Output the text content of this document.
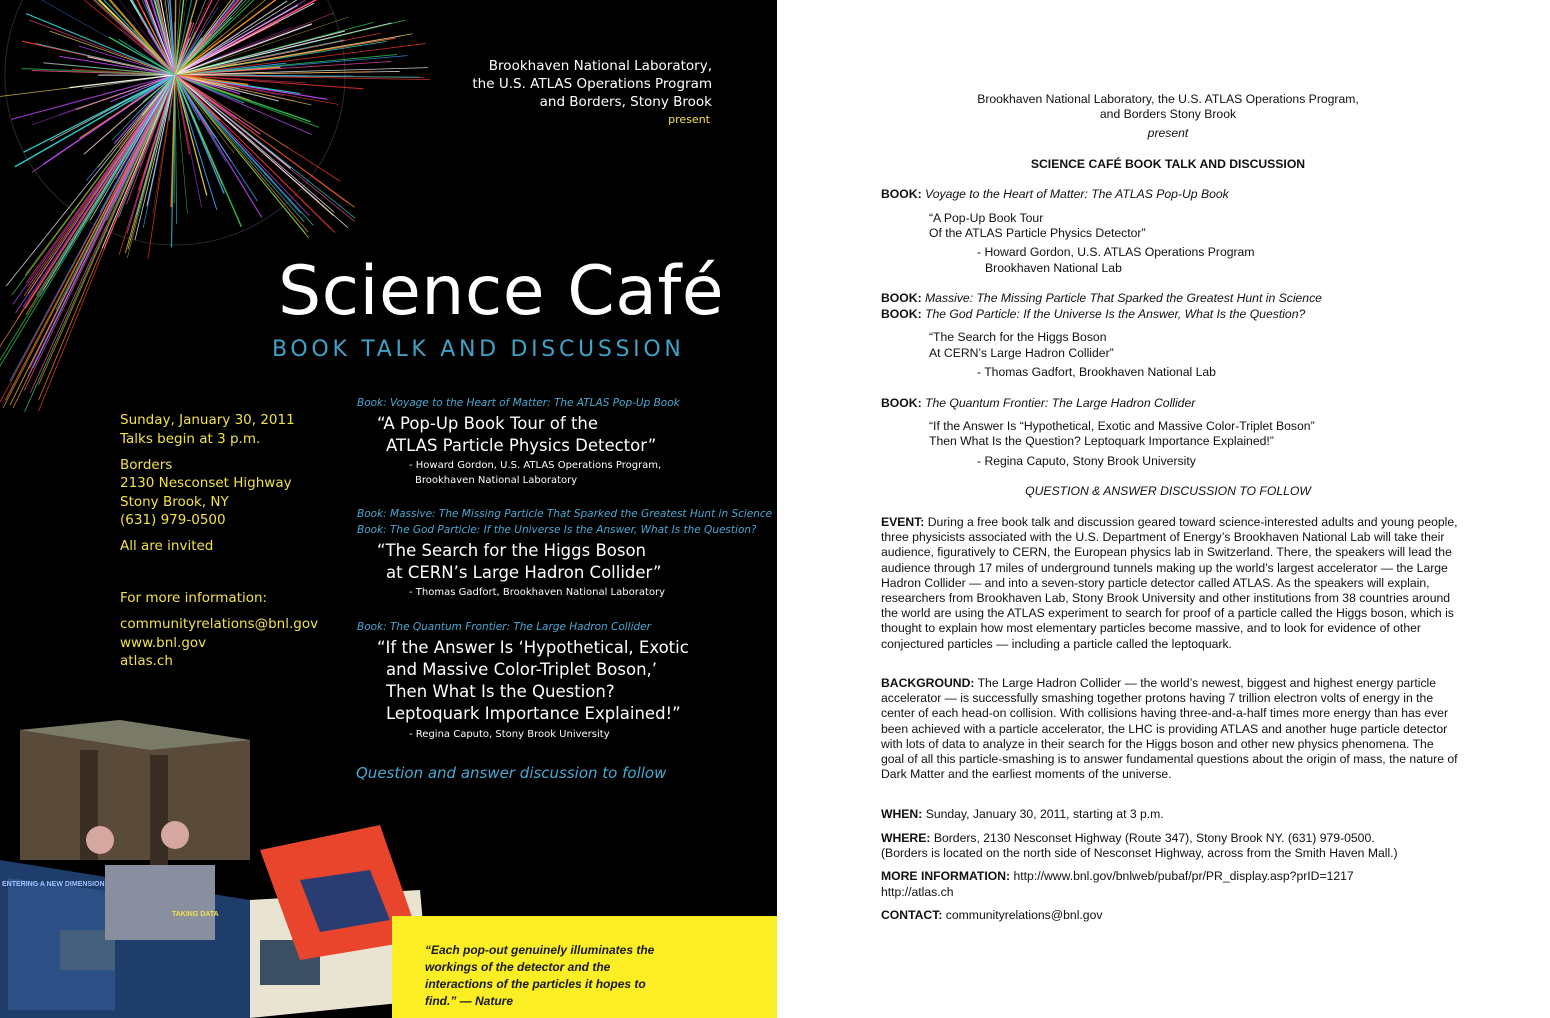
Brookhaven National Laboratory,
the U.S. ATLAS Operations Program
and Borders, Stony Brook
present
Science Café
BOOK TALK AND DISCUSSION
Sunday, January 30, 2011
Talks begin at 3 p.m.
Borders
2130 Nesconset Highway
Stony Brook, NY
(631) 979-0500
All are invited
For more information:
communityrelations@bnl.gov
www.bnl.gov
atlas.ch
Book: Voyage to the Heart of Matter: The ATLAS Pop-Up Book
“A Pop-Up Book Tour of the
ATLAS Particle Physics Detector”
- Howard Gordon, U.S. ATLAS Operations Program,
Brookhaven National Laboratory
Book: Massive: The Missing Particle That Sparked the Greatest Hunt in Science
Book: The God Particle: If the Universe Is the Answer, What Is the Question?
“The Search for the Higgs Boson
at CERN’s Large Hadron Collider”
- Thomas Gadfort, Brookhaven National Laboratory
Book: The Quantum Frontier: The Large Hadron Collider
“If the Answer Is ‘Hypothetical, Exotic
and Massive Color-Triplet Boson,’
Then What Is the Question?
Leptoquark Importance Explained!”
- Regina Caputo, Stony Brook University
Question and answer discussion to follow
ENTERING A NEW DIMENSION
TAKING DATA
“Each pop-out genuinely illuminates the workings of the detector and the interactions of the particles it hopes to find.” — Nature
Brookhaven National Laboratory, the U.S. ATLAS Operations Program,
and Borders Stony Brook
present
SCIENCE CAFÉ BOOK TALK AND DISCUSSION
BOOK: Voyage to the Heart of Matter: The ATLAS Pop-Up Book
“A Pop-Up Book Tour
Of the ATLAS Particle Physics Detector”
- Howard Gordon, U.S. ATLAS Operations Program
Brookhaven National Lab
BOOK: Massive: The Missing Particle That Sparked the Greatest Hunt in Science
BOOK: The God Particle: If the Universe Is the Answer, What Is the Question?
“The Search for the Higgs Boson
At CERN’s Large Hadron Collider”
- Thomas Gadfort, Brookhaven National Lab
BOOK: The Quantum Frontier: The Large Hadron Collider
“If the Answer Is “Hypothetical, Exotic and Massive Color-Triplet Boson”
Then What Is the Question? Leptoquark Importance Explained!”
- Regina Caputo, Stony Brook University
QUESTION & ANSWER DISCUSSION TO FOLLOW
EVENT: During a free book talk and discussion geared toward science-interested adults and young people, three physicists associated with the U.S. Department of Energy’s Brookhaven National Lab will take their audience, figuratively to CERN, the European physics lab in Switzerland. There, the speakers will lead the audience through 17 miles of underground tunnels making up the world’s largest accelerator — the Large Hadron Collider — and into a seven-story particle detector called ATLAS. As the speakers will explain, researchers from Brookhaven Lab, Stony Brook University and other institutions from 38 countries around the world are using the ATLAS experiment to search for proof of a particle called the Higgs boson, which is thought to explain how most elementary particles become massive, and to look for evidence of other conjectured particles — including a particle called the leptoquark.
BACKGROUND: The Large Hadron Collider — the world’s newest, biggest and highest energy particle accelerator — is successfully smashing together protons having 7 trillion electron volts of energy in the center of each head-on collision. With collisions having three-and-a-half times more energy than has ever been achieved with a particle accelerator, the LHC is providing ATLAS and another huge particle detector with lots of data to analyze in their search for the Higgs boson and other new physics phenomena. The goal of all this particle-smashing is to answer fundamental questions about the origin of mass, the nature of Dark Matter and the earliest moments of the universe.
WHEN: Sunday, January 30, 2011, starting at 3 p.m.
WHERE: Borders, 2130 Nesconset Highway (Route 347), Stony Brook NY. (631) 979-0500.
(Borders is located on the north side of Nesconset Highway, across from the Smith Haven Mall.)
MORE INFORMATION: http://www.bnl.gov/bnlweb/pubaf/pr/PR_display.asp?prID=1217
http://atlas.ch
CONTACT: communityrelations@bnl.gov
